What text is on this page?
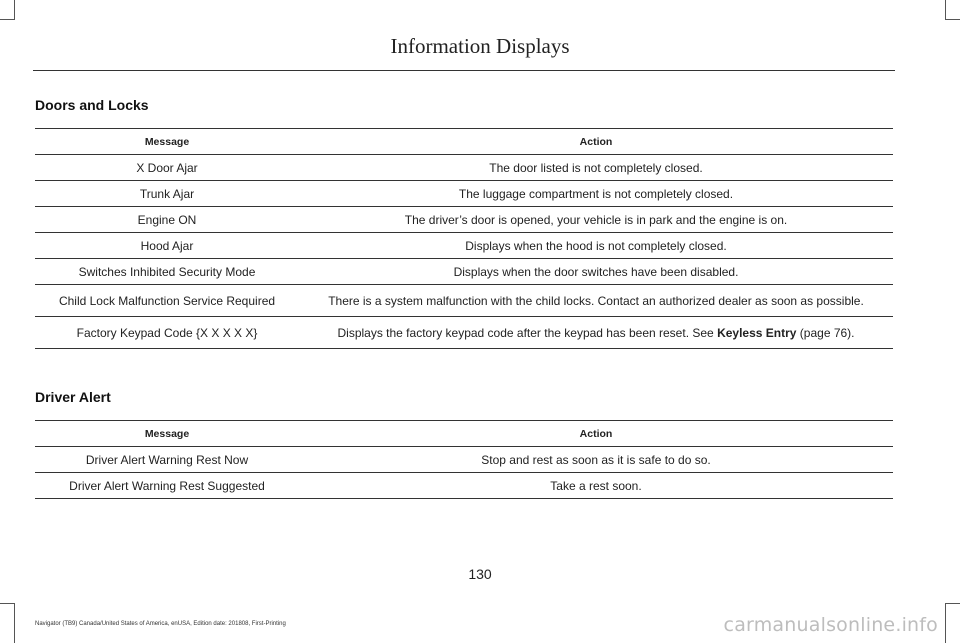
Information Displays
Doors and Locks
Message	Action
X Door Ajar	The door listed is not completely closed.
Trunk Ajar	The luggage compartment is not completely closed.
Engine ON	The driver’s door is opened, your vehicle is in park and the engine is on.
Hood Ajar	Displays when the hood is not completely closed.
Switches Inhibited Security Mode	Displays when the door switches have been disabled.
Child Lock Malfunction Service Required	There is a system malfunction with the child locks. Contact an authorized dealer as soon as possible.
Factory Keypad Code {X X X X X}	Displays the factory keypad code after the keypad has been reset. See Keyless Entry (page 76).
Driver Alert
Message	Action
Driver Alert Warning Rest Now	Stop and rest as soon as it is safe to do so.
Driver Alert Warning Rest Suggested	Take a rest soon.
130
Navigator (TB9) Canada/United States of America, enUSA, Edition date: 201808, First-Printing	carmanualsonline.info
